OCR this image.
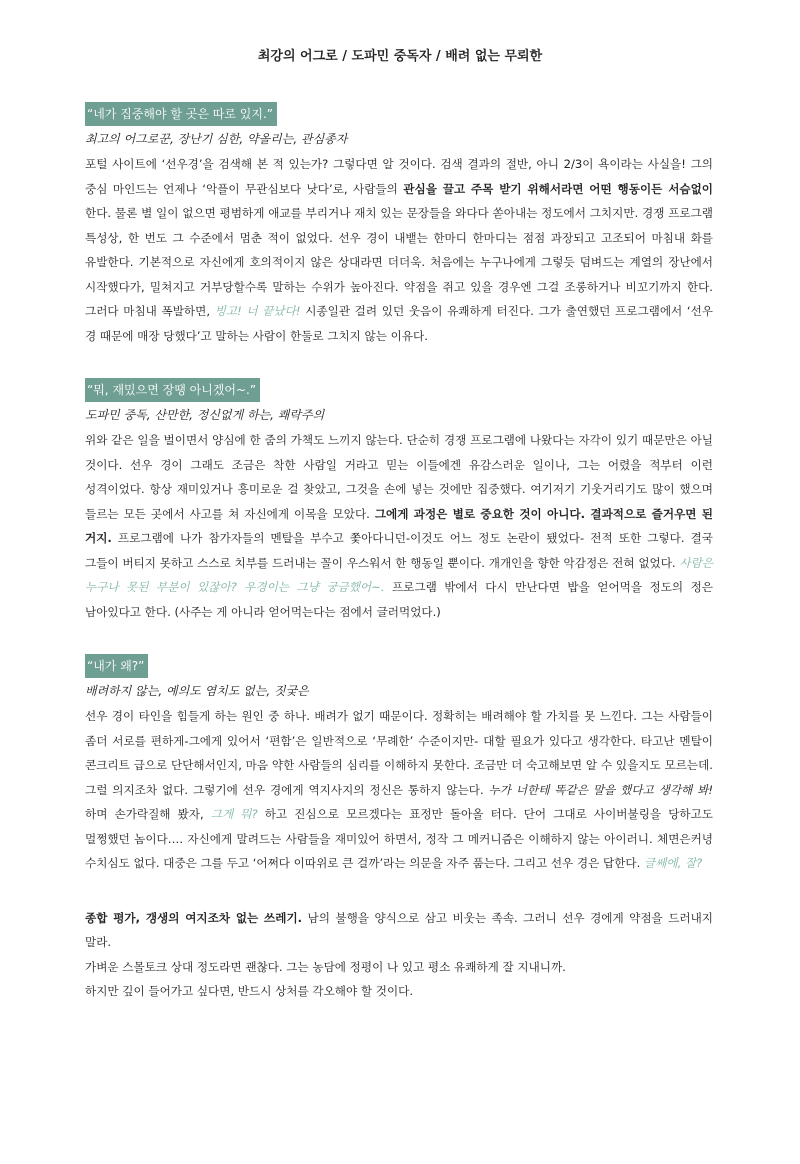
최강의 어그로 / 도파민 중독자 / 배려 없는 무뢰한
“네가 집중해야 할 곳은 따로 있지.”
최고의 어그로꾼, 장난기 심한, 약올리는, 관심종자

포털 사이트에 ‘선우경’을 검색해 본 적 있는가? 그렇다면 알 것이다. 검색 결과의 절반, 아니 2/3이 욕이라는 사실을! 그의 중심 마인드는 언제나 ‘악플이 무관심보다 낫다’로, 사람들의 관심을 끌고 주목 받기 위해서라면 어떤 행동이든 서슴없이 한다. 물론 별 일이 없으면 평범하게 애교를 부리거나 재치 있는 문장들을 와다다 쏟아내는 정도에서 그치지만. 경쟁 프로그램 특성상, 한 번도 그 수준에서 멈춘 적이 없었다. 선우 경이 내뱉는 한마디 한마디는 점점 과장되고 고조되어 마침내 화를 유발한다. 기본적으로 자신에게 호의적이지 않은 상대라면 더더욱. 처음에는 누구나에게 그렇듯 덤벼드는 계열의 장난에서 시작했다가, 밀쳐지고 거부당할수록 말하는 수위가 높아진다. 약점을 쥐고 있을 경우엔 그걸 조롱하거나 비꼬기까지 한다. 그러다 마침내 폭발하면, 빙고! 너 끝났다! 시종일관 걸려 있던 웃음이 유쾌하게 터진다. 그가 출연했던 프로그램에서 ‘선우 경 때문에 매장 당했다’고 말하는 사람이 한둘로 그치지 않는 이유다.

“뭐, 재밌으면 장땡 아니겠어~.”
도파민 중독, 산만한, 정신없게 하는, 쾌락주의

위와 같은 일을 벌이면서 양심에 한 줌의 가책도 느끼지 않는다. 단순히 경쟁 프로그램에 나왔다는 자각이 있기 때문만은 아닐 것이다. 선우 경이 그래도 조금은 착한 사람일 거라고 믿는 이들에겐 유감스러운 일이나, 그는 어렸을 적부터 이런 성격이었다. 항상 재미있거나 흥미로운 걸 찾았고, 그것을 손에 넣는 것에만 집중했다. 여기저기 기웃거리기도 많이 했으며 들르는 모든 곳에서 사고를 쳐 자신에게 이목을 모았다. 그에게 과정은 별로 중요한 것이 아니다. 결과적으로 즐거우면 된 거지. 프로그램에 나가 참가자들의 멘탈을 부수고 쫓아다니던-이것도 어느 정도 논란이 됐었다- 전적 또한 그렇다. 결국 그들이 버티지 못하고 스스로 치부를 드러내는 꼴이 우스워서 한 행동일 뿐이다. 개개인을 향한 악감정은 전혀 없었다. 사람은 누구나 못된 부분이 있잖아? 우경이는 그냥 궁금했어~. 프로그램 밖에서 다시 만난다면 밥을 얻어먹을 정도의 정은 남아있다고 한다. (사주는 게 아니라 얻어먹는다는 점에서 글러먹었다.)

“내가 왜?”
배려하지 않는, 예의도 염치도 없는, 짓궂은

선우 경이 타인을 힘들게 하는 원인 중 하나. 배려가 없기 때문이다. 정확히는 배려해야 할 가치를 못 느낀다. 그는 사람들이 좀더 서로를 편하게-그에게 있어서 ‘편함’은 일반적으로 ‘무례한’ 수준이지만- 대할 필요가 있다고 생각한다. 타고난 멘탈이 콘크리트 급으로 단단해서인지, 마음 약한 사람들의 심리를 이해하지 못한다. 조금만 더 숙고해보면 알 수 있을지도 모르는데. 그럴 의지조차 없다. 그렇기에 선우 경에게 역지사지의 정신은 통하지 않는다. 누가 너한테 똑같은 말을 했다고 생각해 봐! 하며 손가락질해 봤자, 그게 뭐? 하고 진심으로 모르겠다는 표정만 돌아올 터다. 단어 그대로 사이버불링을 당하고도 멀쩡했던 놈이다…. 자신에게 말려드는 사람들을 재미있어 하면서, 정작 그 메커니즘은 이해하지 않는 아이러니. 체면은커녕 수치심도 없다. 대중은 그를 두고 ‘어쩌다 이따위로 큰 걸까’라는 의문을 자주 품는다. 그리고 선우 경은 답한다. 글쎄에, 잘?

종합 평가, 갱생의 여지조차 없는 쓰레기. 남의 불행을 양식으로 삼고 비웃는 족속. 그러니 선우 경에게 약점을 드러내지 말라.

가벼운 스몰토크 상대 정도라면 괜찮다. 그는 농담에 정평이 나 있고 평소 유쾌하게 잘 지내니까.

하지만 깊이 들어가고 싶다면, 반드시 상처를 각오해야 할 것이다.
